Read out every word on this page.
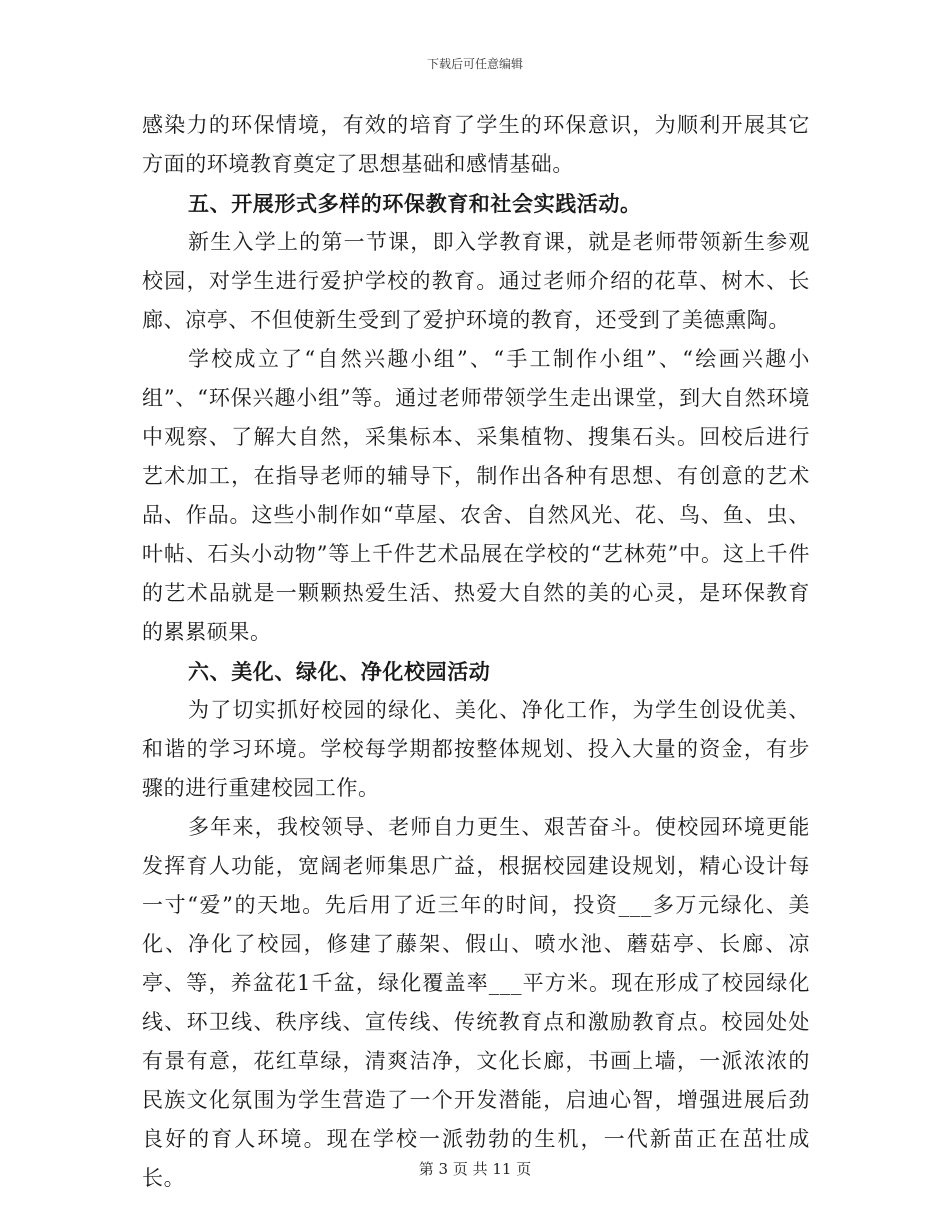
下载后可任意编辑

感染力的环保情境，有效的培育了学生的环保意识，为顺利开展其它方面的环境教育奠定了思想基础和感情基础。

五、开展形式多样的环保教育和社会实践活动。

新生入学上的第一节课，即入学教育课，就是老师带领新生参观校园，对学生进行爱护学校的教育。通过老师介绍的花草、树木、长廊、凉亭、不但使新生受到了爱护环境的教育，还受到了美德熏陶。

学校成立了“自然兴趣小组”、“手工制作小组”、“绘画兴趣小组”、“环保兴趣小组”等。通过老师带领学生走出课堂，到大自然环境中观察、了解大自然，采集标本、采集植物、搜集石头。回校后进行艺术加工，在指导老师的辅导下，制作出各种有思想、有创意的艺术品、作品。这些小制作如“草屋、农舍、自然风光、花、鸟、鱼、虫、叶帖、石头小动物”等上千件艺术品展在学校的“艺林苑”中。这上千件的艺术品就是一颗颗热爱生活、热爱大自然的美的心灵，是环保教育的累累硕果。

六、美化、绿化、净化校园活动

为了切实抓好校园的绿化、美化、净化工作，为学生创设优美、和谐的学习环境。学校每学期都按整体规划、投入大量的资金，有步骤的进行重建校园工作。

多年来，我校领导、老师自力更生、艰苦奋斗。使校园环境更能发挥育人功能，宽阔老师集思广益，根据校园建设规划，精心设计每一寸“爱”的天地。先后用了近三年的时间，投资___多万元绿化、美化、净化了校园，修建了藤架、假山、喷水池、蘑菇亭、长廊、凉亭、等，养盆花1千盆，绿化覆盖率___平方米。现在形成了校园绿化线、环卫线、秩序线、宣传线、传统教育点和激励教育点。校园处处有景有意，花红草绿，清爽洁净，文化长廊，书画上墙，一派浓浓的民族文化氛围为学生营造了一个开发潜能，启迪心智，增强进展后劲良好的育人环境。现在学校一派勃勃的生机，一代新苗正在茁壮成长。	第 3 页 共 11 页
